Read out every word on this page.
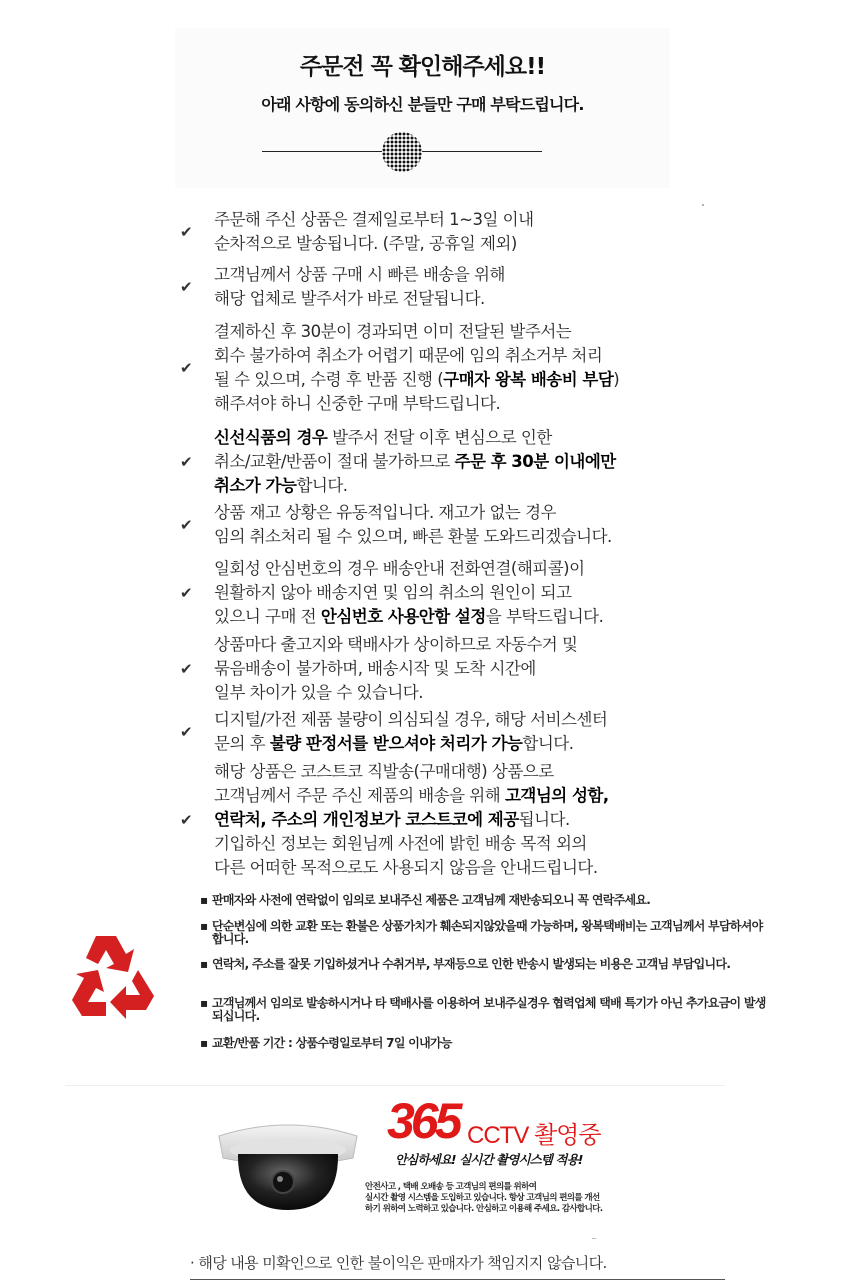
주문전 꼭 확인해주세요!!
아래 사항에 동의하신 분들만 구매 부탁드립니다.
✔
주문해 주신 상품은 결제일로부터 1~3일 이내
순차적으로 발송됩니다. (주말, 공휴일 제외)
✔
고객님께서 상품 구매 시 빠른 배송을 위해
해당 업체로 발주서가 바로 전달됩니다.
✔
결제하신 후 30분이 경과되면 이미 전달된 발주서는
회수 불가하여 취소가 어렵기 때문에 임의 취소거부 처리
될 수 있으며, 수령 후 반품 진행 (구매자 왕복 배송비 부담)
해주셔야 하니 신중한 구매 부탁드립니다.
✔
신선식품의 경우 발주서 전달 이후 변심으로 인한
취소/교환/반품이 절대 불가하므로 주문 후 30분 이내에만
취소가 가능합니다.
✔
상품 재고 상황은 유동적입니다. 재고가 없는 경우
임의 취소처리 될 수 있으며, 빠른 환불 도와드리겠습니다.
✔
일회성 안심번호의 경우 배송안내 전화연결(해피콜)이
원활하지 않아 배송지연 및 임의 취소의 원인이 되고
있으니 구매 전 안심번호 사용안함 설정을 부탁드립니다.
✔
상품마다 출고지와 택배사가 상이하므로 자동수거 및
묶음배송이 불가하며, 배송시작 및 도착 시간에
일부 차이가 있을 수 있습니다.
✔
디지털/가전 제품 불량이 의심되실 경우, 해당 서비스센터
문의 후 불량 판정서를 받으셔야 처리가 가능합니다.
✔
해당 상품은 코스트코 직발송(구매대행) 상품으로
고객님께서 주문 주신 제품의 배송을 위해 고객님의 성함,
연락처, 주소의 개인정보가 코스트코에 제공됩니다.
기입하신 정보는 회원님께 사전에 밝힌 배송 목적 외의
다른 어떠한 목적으로도 사용되지 않음을 안내드립니다.
▪ 판매자와 사전에 연락없이 임의로 보내주신 제품은 고객님께 재반송되오니 꼭 연락주세요.
▪ 단순변심에 의한 교환 또는 환불은 상품가치가 훼손되지않았을때 가능하며, 왕복택배비는 고객님께서 부담하셔야 합니다.
▪ 연락처, 주소를 잘못 기입하셨거나 수취거부, 부재등으로 인한 반송시 발생되는 비용은 고객님 부담입니다.
▪ 고객님께서 임의로 발송하시거나 타 택배사를 이용하여 보내주실경우 협력업체 택배 특기가 아닌 추가요금이 발생되십니다.
▪ 교환/반품 기간 : 상품수령일로부터 7일 이내가능
365 CCTV 촬영중
안심하세요! 실시간 촬영시스템 적용!
안전사고 , 택배 오배송 등 고객님의 편의를 위하여
실시간 촬영 시스템을 도입하고 있습니다. 항상 고객님의 편의를 개선
하기 위하여 노력하고 있습니다. 안심하고 이용해 주세요. 감사합니다.
· 해당 내용 미확인으로 인한 불이익은 판매자가 책임지지 않습니다.
